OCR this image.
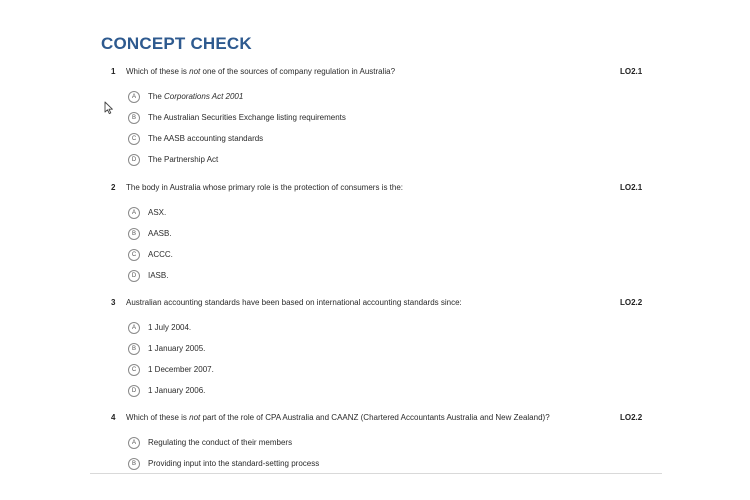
CONCEPT CHECK
1 Which of these is not one of the sources of company regulation in Australia?	LO2.1
A	The Corporations Act 2001
B	The Australian Securities Exchange listing requirements
C	The AASB accounting standards
D	The Partnership Act
2 The body in Australia whose primary role is the protection of consumers is the:	LO2.1
A	ASX.
B	AASB.
C	ACCC.
D	IASB.
3 Australian accounting standards have been based on international accounting standards since:	LO2.2
A	1 July 2004.
B	1 January 2005.
C	1 December 2007.
D	1 January 2006.
4 Which of these is not part of the role of CPA Australia and CAANZ (Chartered Accountants Australia and New Zealand)?	LO2.2
A	Regulating the conduct of their members
B	Providing input into the standard-setting process
